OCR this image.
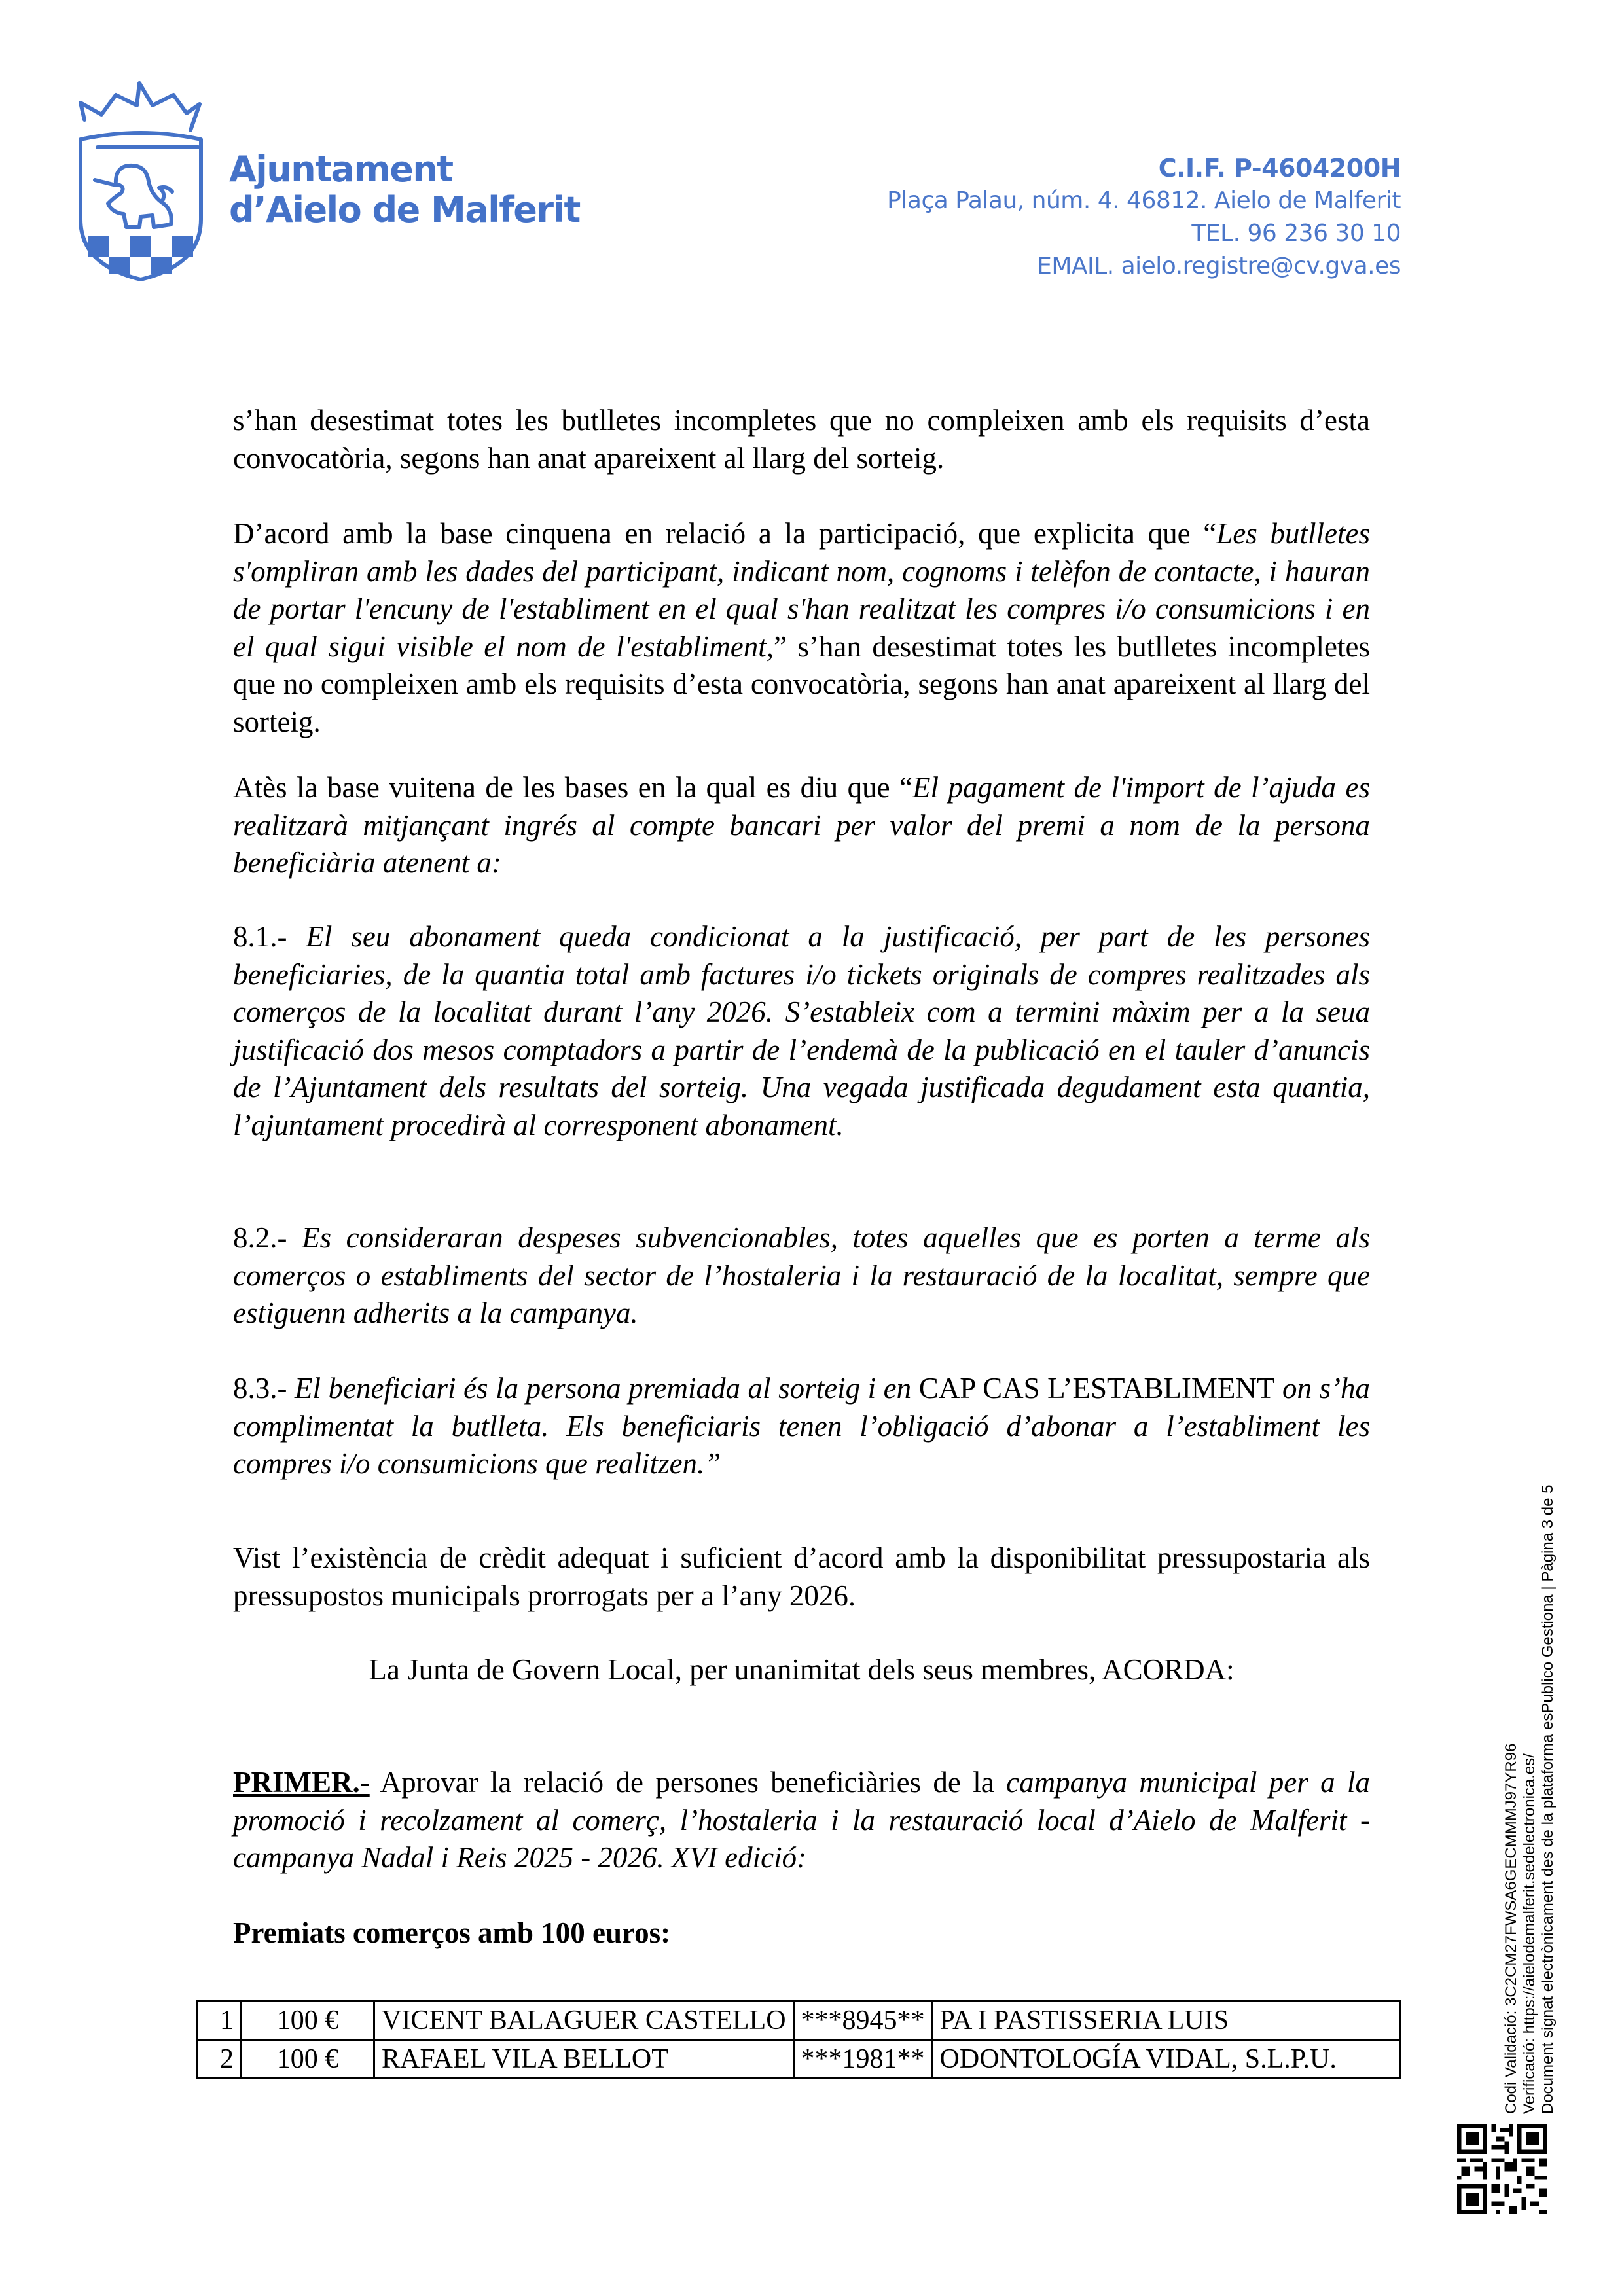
Ajuntament
d’Aielo de Malferit
C.I.F. P-4604200H
Plaça Palau, núm. 4. 46812. Aielo de Malferit
TEL. 96 236 30 10
EMAIL. aielo.registre@cv.gva.es

s’han desestimat totes les butlletes incompletes que no compleixen amb els requisits d’esta convocatòria, segons han anat apareixent al llarg del sorteig.

D’acord amb la base cinquena en relació a la participació, que explicita que “Les butlletes s'ompliran amb les dades del participant, indicant nom, cognoms i telèfon de contacte, i hauran de portar l'encuny de l'establiment en el qual s'han realitzat les compres i/o consumicions i en el qual sigui visible el nom de l'establiment,” s’han desestimat totes les butlletes incompletes que no compleixen amb els requisits d’esta convocatòria, segons han anat apareixent al llarg del sorteig.

Atès la base vuitena de les bases en la qual es diu que “El pagament de l'import de l’ajuda es realitzarà mitjançant ingrés al compte bancari per valor del premi a nom de la persona beneficiària atenent a:

8.1.- El seu abonament queda condicionat a la justificació, per part de les persones beneficiaries, de la quantia total amb factures i/o tickets originals de compres realitzades als comerços de la localitat durant l’any 2026. S’estableix com a termini màxim per a la seua justificació dos mesos comptadors a partir de l’endemà de la publicació en el tauler d’anuncis de l’Ajuntament dels resultats del sorteig. Una vegada justificada degudament esta quantia, l’ajuntament procedirà al corresponent abonament.

8.2.- Es consideraran despeses subvencionables, totes aquelles que es porten a terme als comerços o establiments del sector de l’hostaleria i la restauració de la localitat, sempre que estiguenn adherits a la campanya.

8.3.- El beneficiari és la persona premiada al sorteig i en CAP CAS L’ESTABLIMENT on s’ha complimentat la butlleta. Els beneficiaris tenen l’obligació d’abonar a l’establiment les compres i/o consumicions que realitzen.”

Vist l’existència de crèdit adequat i suficient d’acord amb la disponibilitat pressupostaria als pressupostos municipals prorrogats per a l’any 2026.

La Junta de Govern Local, per unanimitat dels seus membres, ACORDA:

PRIMER.- Aprovar la relació de persones beneficiàries de la campanya municipal per a la promoció i recolzament al comerç, l’hostaleria i la restauració local d’Aielo de Malferit - campanya Nadal i Reis 2025 - 2026. XVI edició:

Premiats comerços amb 100 euros:

1	100 €	VICENT BALAGUER CASTELLO	***8945**	PA I PASTISSERIA LUIS
2	100 €	RAFAEL VILA BELLOT	***1981**	ODONTOLOGÍA VIDAL, S.L.P.U.	Codi Validació: 3C2CM27FWSA6GECMMMJ97YR96 Verificació: https://aielodemalferit.sedelectronica.es/ Document signat electrònicament des de la plataforma esPublico Gestiona | Pàgina 3 de 5
